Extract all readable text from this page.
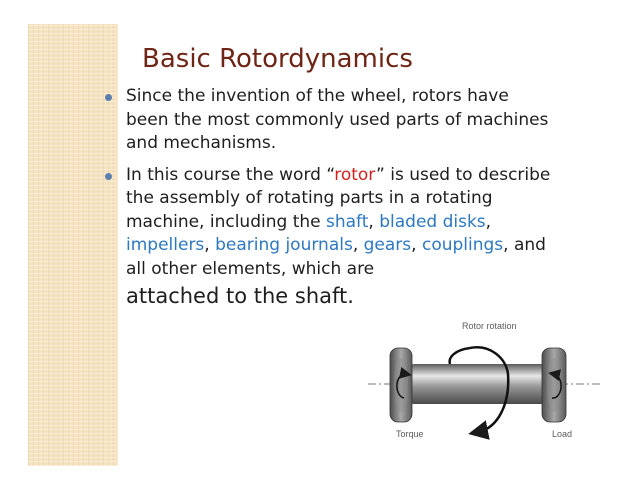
Basic Rotordynamics
Since the invention of the wheel, rotors have been the most commonly used parts of machines and mechanisms.
In this course the word “rotor” is used to describe the assembly of rotating parts in a rotating machine, including the shaft, bladed disks, impellers, bearing journals, gears, couplings, and all other elements, which are
attached to the shaft.
Rotor rotation
Torque	Load
